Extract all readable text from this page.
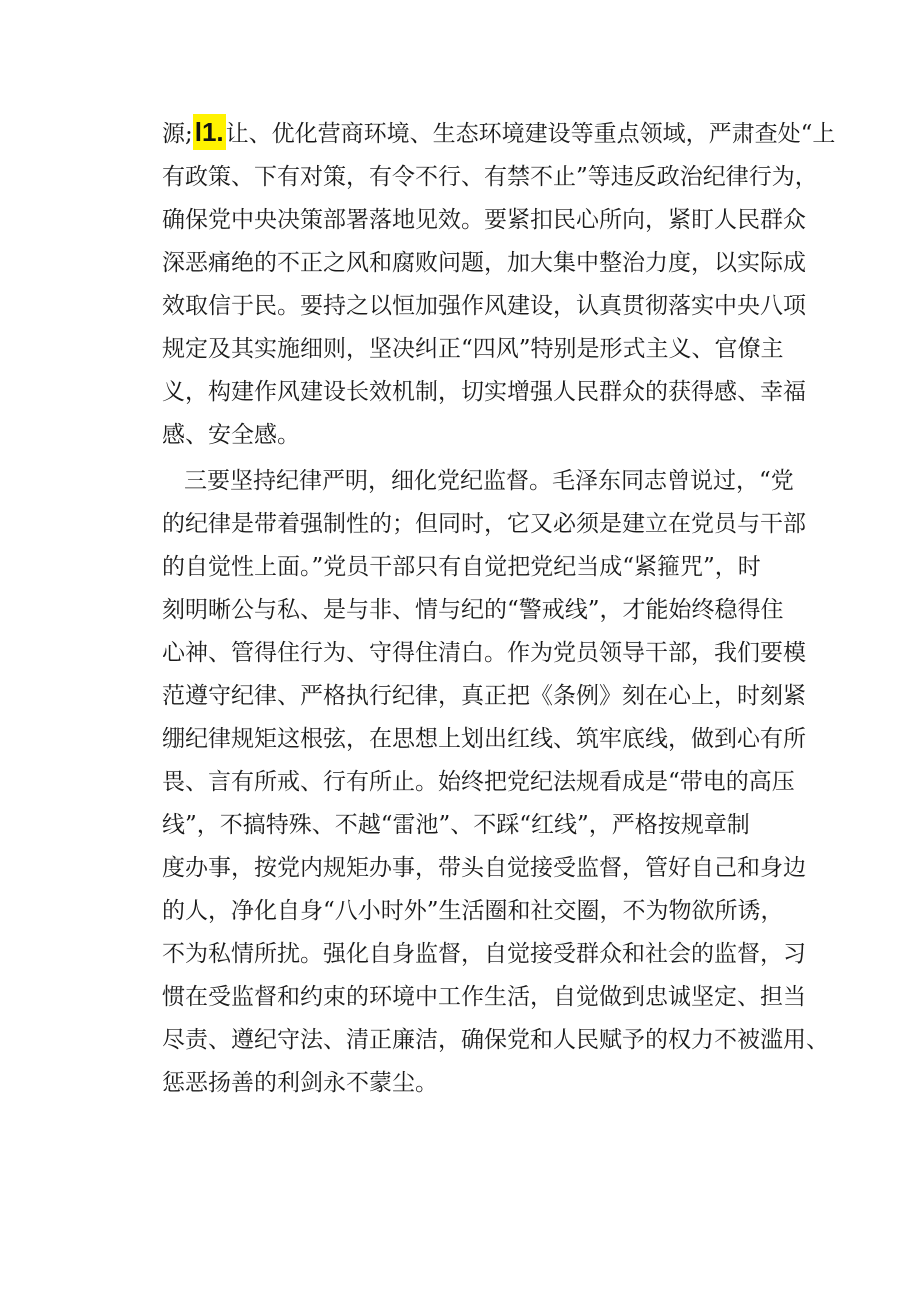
源;l1.让、优化营商环境、生态环境建设等重点领域，严肃查处“上
有政策、下有对策，有令不行、有禁不止”等违反政治纪律行为，
确保党中央决策部署落地见效。要紧扣民心所向，紧盯人民群众
深恶痛绝的不正之风和腐败问题，加大集中整治力度，以实际成
效取信于民。要持之以恒加强作风建设，认真贯彻落实中央八项
规定及其实施细则，坚决纠正“四风”特别是形式主义、官僚主
义，构建作风建设长效机制，切实增强人民群众的获得感、幸福
感、安全感。
三要坚持纪律严明，细化党纪监督。毛泽东同志曾说过，“党
的纪律是带着强制性的；但同时，它又必须是建立在党员与干部
的自觉性上面。”党员干部只有自觉把党纪当成“紧箍咒”，时
刻明晰公与私、是与非、情与纪的“警戒线”，才能始终稳得住
心神、管得住行为、守得住清白。作为党员领导干部，我们要模
范遵守纪律、严格执行纪律，真正把《条例》刻在心上，时刻紧
绷纪律规矩这根弦，在思想上划出红线、筑牢底线，做到心有所
畏、言有所戒、行有所止。始终把党纪法规看成是“带电的高压
线”，不搞特殊、不越“雷池”、不踩“红线”，严格按规章制
度办事，按党内规矩办事，带头自觉接受监督，管好自己和身边
的人，净化自身“八小时外”生活圈和社交圈，不为物欲所诱，
不为私情所扰。强化自身监督，自觉接受群众和社会的监督，习
惯在受监督和约束的环境中工作生活，自觉做到忠诚坚定、担当
尽责、遵纪守法、清正廉洁，确保党和人民赋予的权力不被滥用、
惩恶扬善的利剑永不蒙尘。
